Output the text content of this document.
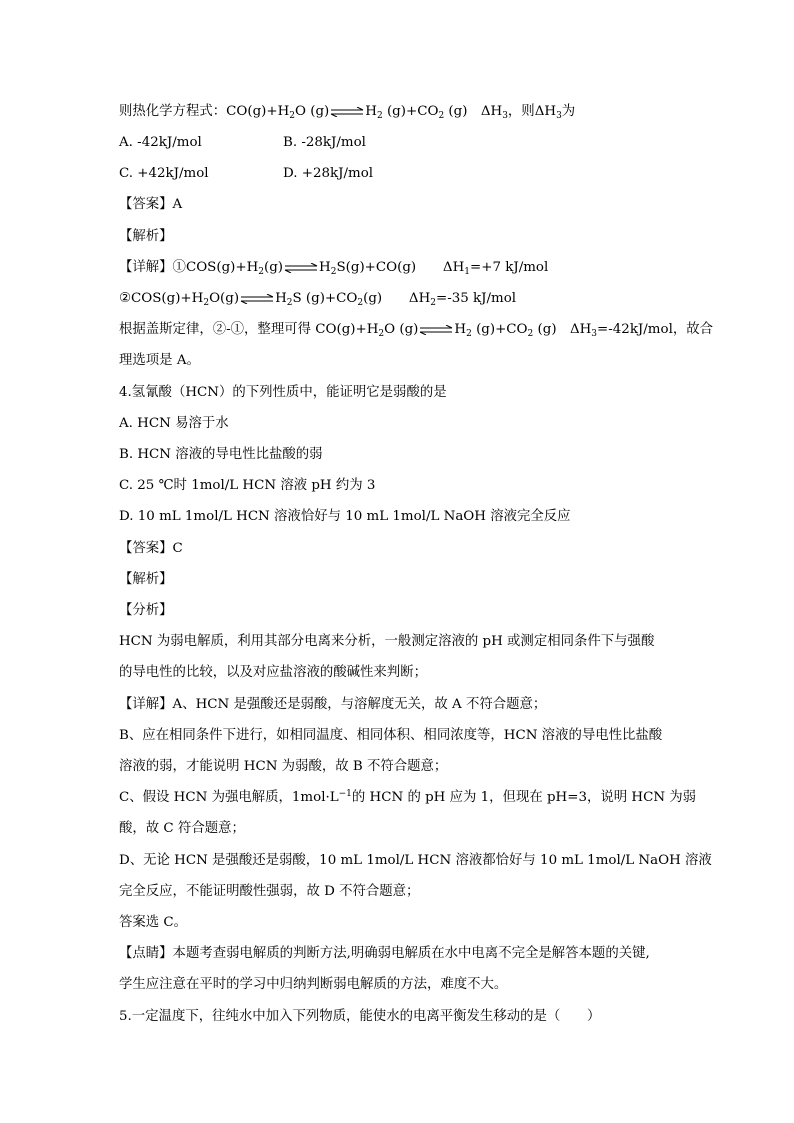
则热化学方程式：$CO(g)+H_2O$ $(g)\rightleftharpoons H_2$ $(g)+CO_2$ (g)　$\Delta H_3$，则$\Delta H_3$为
A. -42kJ/mol	B. -28kJ/mol
C. +42kJ/mol	D. +28kJ/mol
【答案】A
【解析】
【详解】$①COS(g)+H_2(g)\rightleftharpoons H_2S(g)+CO(g)$　　$\Delta H_1=+7$ kJ/mol
$②COS(g)+H_2O(g)\rightleftharpoons H_2S$ $(g)+CO_2(g)$　　$\Delta H_2=-35$ kJ/mol
根据盖斯定律，②-①，整理可得 $CO(g)+H_2O$ $(g)\rightleftharpoons H_2$ $(g)+CO_2$ (g)　$\Delta H_3=-42kJ$/mol，故合
理选项是 A。
4.氢氰酸（HCN）的下列性质中，能证明它是弱酸的是
A. HCN 易溶于水
B. HCN 溶液的导电性比盐酸的弱
C. 25 ℃时 1mol/L HCN 溶液 pH 约为 3
D. 10 mL 1mol/L HCN 溶液恰好与 10 mL 1mol/L NaOH 溶液完全反应
【答案】C
【解析】
【分析】
HCN 为弱电解质，利用其部分电离来分析，一般测定溶液的 pH 或测定相同条件下与强酸
的导电性的比较，以及对应盐溶液的酸碱性来判断；
【详解】A、HCN 是强酸还是弱酸，与溶解度无关，故 A 不符合题意；
B、应在相同条件下进行，如相同温度、相同体积、相同浓度等，HCN 溶液的导电性比盐酸
溶液的弱，才能说明 HCN 为弱酸，故 B 不符合题意；
C、假设 HCN 为强电解质，$1mol\cdot L^{-1}$的 HCN 的 pH 应为 1，但现在 pH=3，说明 HCN 为弱
酸，故 C 符合题意；
D、无论 HCN 是强酸还是弱酸，10 mL 1mol/L HCN 溶液都恰好与 10 mL 1mol/L NaOH 溶液
完全反应，不能证明酸性强弱，故 D 不符合题意；
答案选 C。
【点睛】本题考查弱电解质的判断方法,明确弱电解质在水中电离不完全是解答本题的关键,
学生应注意在平时的学习中归纳判断弱电解质的方法，难度不大。
5.一定温度下，往纯水中加入下列物质，能使水的电离平衡发生移动的是（　　）
